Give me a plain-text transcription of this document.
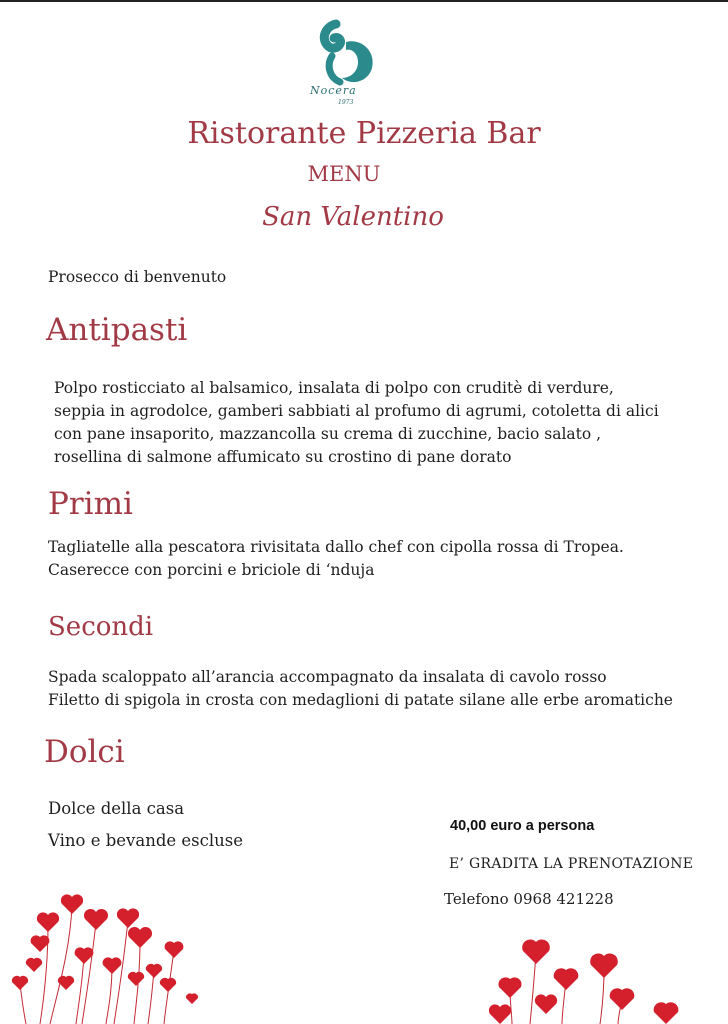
Nocera
1973
Ristorante Pizzeria Bar
MENU
San Valentino
Prosecco di benvenuto
Antipasti
Polpo rosticciato al balsamico, insalata di polpo con cruditè di verdure,
seppia in agrodolce, gamberi sabbiati al profumo di agrumi, cotoletta di alici
con pane insaporito, mazzancolla su crema di zucchine, bacio salato ,
rosellina di salmone affumicato su crostino di pane dorato
Primi
Tagliatelle alla pescatora rivisitata dallo chef con cipolla rossa di Tropea.
Caserecce con porcini e briciole di ‘nduja
Secondi
Spada scaloppato all’arancia accompagnato da insalata di cavolo rosso
Filetto di spigola in crosta con medaglioni di patate silane alle erbe aromatiche
Dolci
Dolce della casa
Vino e bevande escluse
40,00 euro a persona
E’ GRADITA LA PRENOTAZIONE
Telefono 0968 421228
